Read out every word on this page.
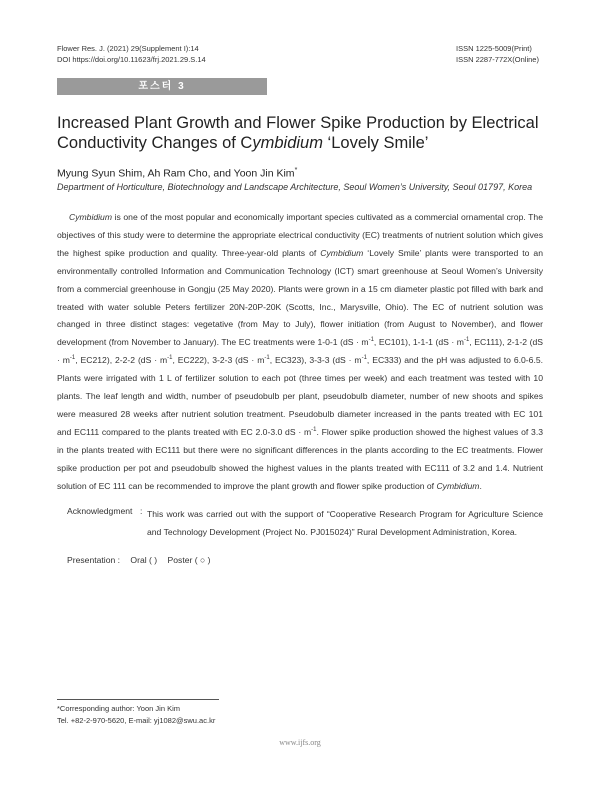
Flower Res. J. (2021) 29(Supplement I):14
DOI https://doi.org/10.11623/frj.2021.29.S.14
ISSN 1225-5009(Print)
ISSN 2287-772X(Online)
포스터 3
Increased Plant Growth and Flower Spike Production by Electrical Conductivity Changes of Cymbidium ‘Lovely Smile’
Myung Syun Shim, Ah Ram Cho, and Yoon Jin Kim*
Department of Horticulture, Biotechnology and Landscape Architecture, Seoul Women’s University, Seoul 01797, Korea
Cymbidium is one of the most popular and economically important species cultivated as a commercial ornamental crop. The objectives of this study were to determine the appropriate electrical conductivity (EC) treatments of nutrient solution which gives the highest spike production and quality. Three-year-old plants of Cymbidium ‘Lovely Smile’ plants were transported to an environmentally controlled Information and Communication Technology (ICT) smart greenhouse at Seoul Women’s University from a commercial greenhouse in Gongju (25 May 2020). Plants were grown in a 15 cm diameter plastic pot filled with bark and treated with water soluble Peters fertilizer 20N-20P-20K (Scotts, Inc., Marysville, Ohio). The EC of nutrient solution was changed in three distinct stages: vegetative (from May to July), flower initiation (from August to November), and flower development (from November to January). The EC treatments were 1-0-1 ($dS \cdot m^{-1}$, EC101), 1-1-1 ($dS \cdot m^{-1}$, EC111), 2-1-2 ($dS \cdot m^{-1}$, EC212), 2-2-2 ($dS \cdot m^{-1}$, EC222), 3-2-3 ($dS \cdot m^{-1}$, EC323), 3-3-3 ($dS \cdot m^{-1}$, EC333) and the pH was adjusted to 6.0-6.5. Plants were irrigated with 1 L of fertilizer solution to each pot (three times per week) and each treatment was tested with 10 plants. The leaf length and width, number of pseudobulb per plant, pseudobulb diameter, number of new shoots and spikes were measured 28 weeks after nutrient solution treatment. Pseudobulb diameter increased in the pants treated with EC 101 and EC111 compared to the plants treated with EC 2.0-3.0 dS · $m^{-1}$. Flower spike production showed the highest values of 3.3 in the plants treated with EC111 but there were no significant differences in the plants according to the EC treatments. Flower spike production per pot and pseudobulb showed the highest values in the plants treated with EC111 of 3.2 and 1.4. Nutrient solution of EC 111 can be recommended to improve the plant growth and flower spike production of Cymbidium.
Acknowledgment : This work was carried out with the support of “Cooperative Research Program for Agriculture Science and Technology Development (Project No. PJ015024)” Rural Development Administration, Korea.
Presentation : Oral ( ) Poster ( ○ )
*Corresponding author: Yoon Jin Kim
Tel. +82-2-970-5620, E-mail: yj1082@swu.ac.kr
www.ijfs.org
